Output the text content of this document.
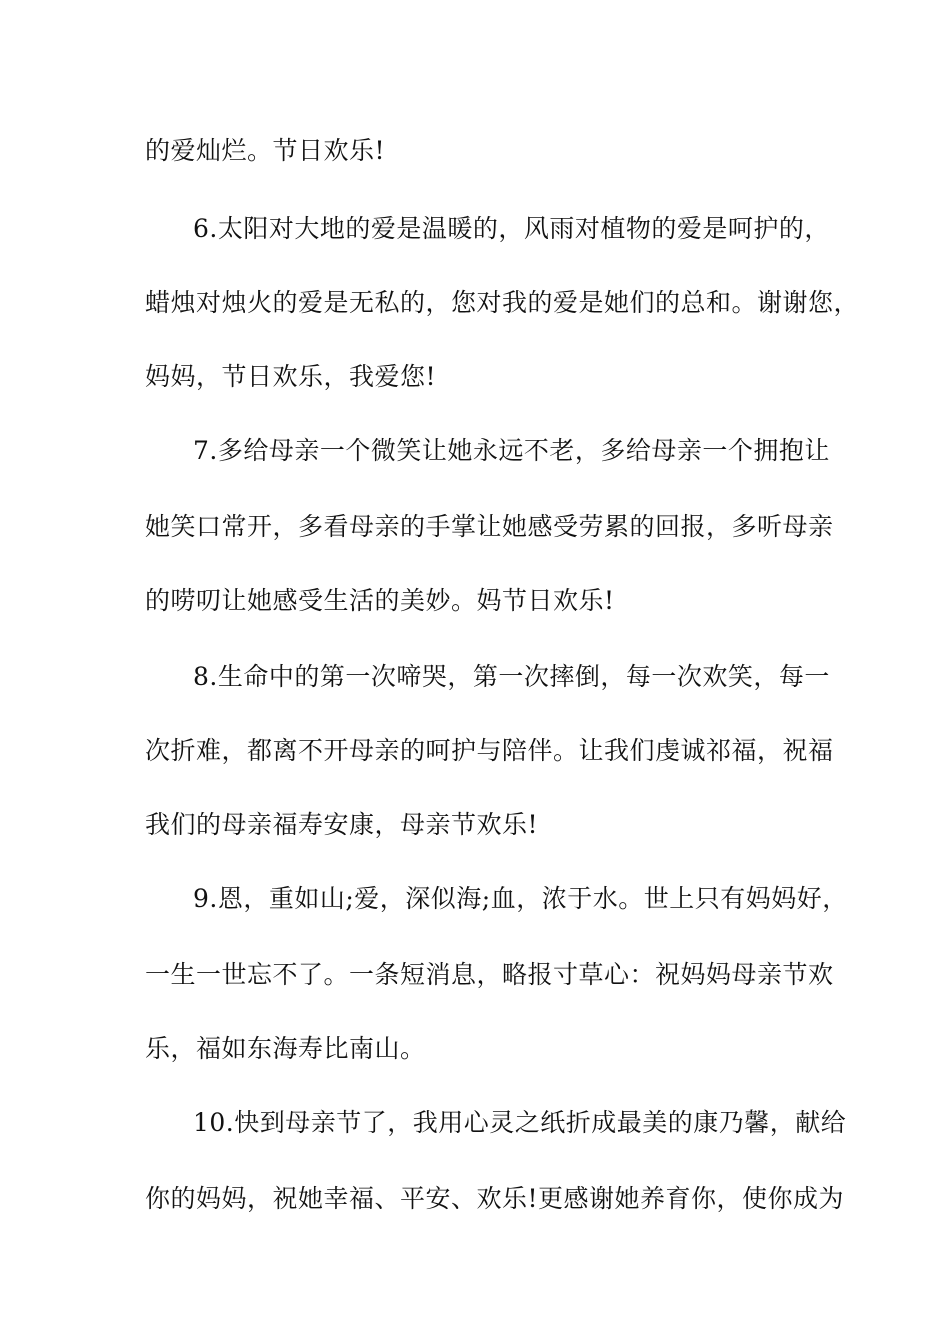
的爱灿烂。节日欢乐!
6.太阳对大地的爱是温暖的，风雨对植物的爱是呵护的，
蜡烛对烛火的爱是无私的，您对我的爱是她们的总和。谢谢您，
妈妈，节日欢乐，我爱您!
7.多给母亲一个微笑让她永远不老，多给母亲一个拥抱让
她笑口常开，多看母亲的手掌让她感受劳累的回报，多听母亲
的唠叨让她感受生活的美妙。妈节日欢乐!
8.生命中的第一次啼哭，第一次摔倒，每一次欢笑，每一
次折难，都离不开母亲的呵护与陪伴。让我们虔诚祁福，祝福
我们的母亲福寿安康，母亲节欢乐!
9.恩，重如山;爱，深似海;血，浓于水。世上只有妈妈好，
一生一世忘不了。一条短消息，略报寸草心：祝妈妈母亲节欢
乐，福如东海寿比南山。
10.快到母亲节了，我用心灵之纸折成最美的康乃馨，献给
你的妈妈，祝她幸福、平安、欢乐!更感谢她养育你，使你成为
